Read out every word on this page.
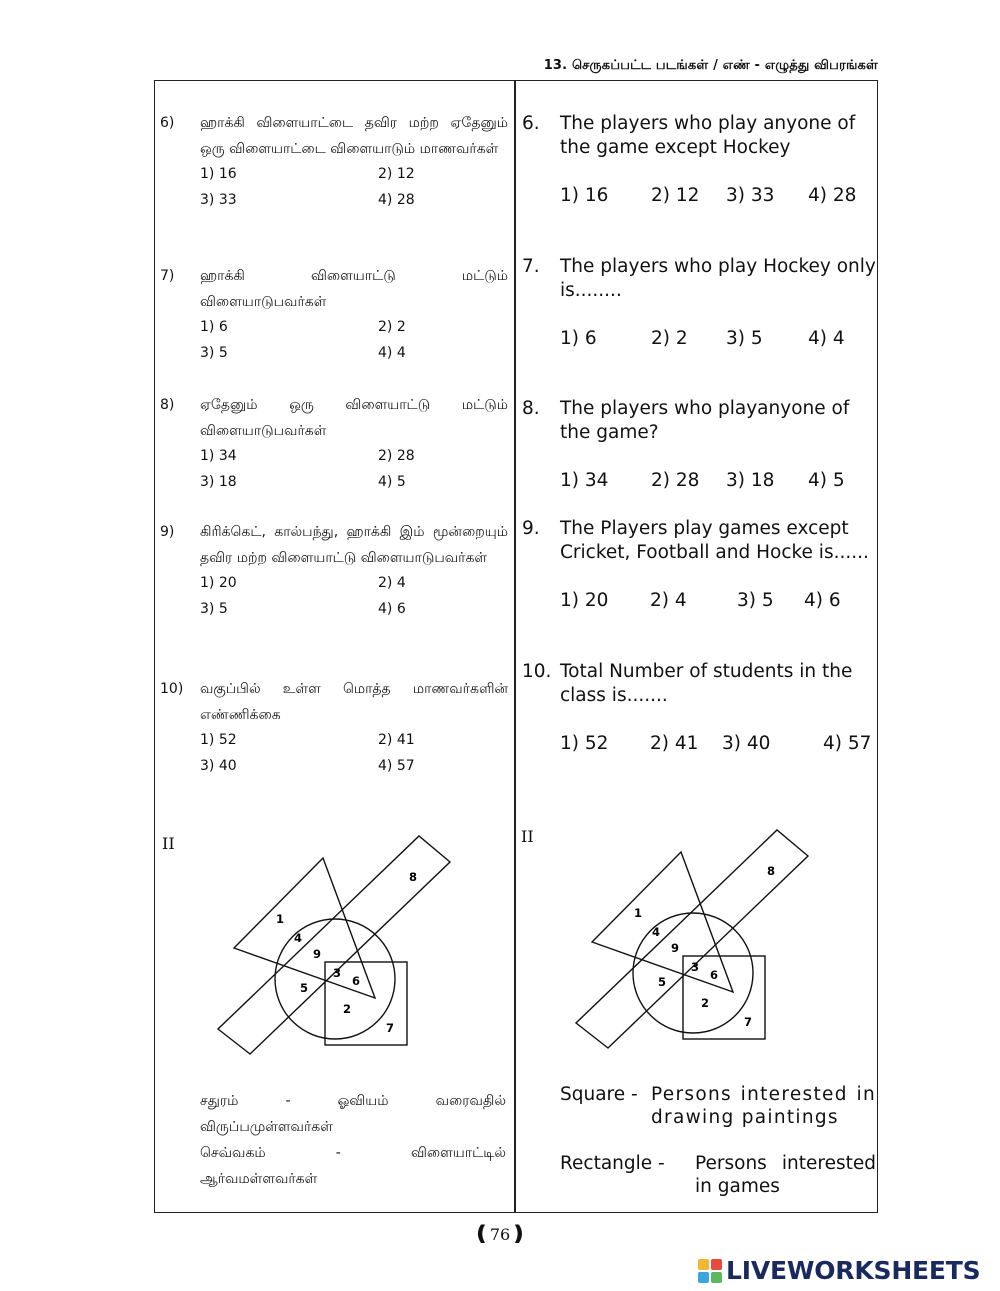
13. செருகப்பட்ட படங்கள் / எண் - எழுத்து விபரங்கள்
6) ஹாக்கி விளையாட்டை தவிர மற்ற ஏதேனும் ஒரு விளையாட்டை விளையாடும் மாணவர்கள்
1) 16	2) 12
3) 33	4) 28
7) ஹாக்கி விளையாட்டு மட்டும் விளையாடுபவர்கள்
1) 6	2) 2
3) 5	4) 4
8) ஏதேனும் ஒரு விளையாட்டு மட்டும் விளையாடுபவர்கள்
1) 34	2) 28
3) 18	4) 5
9) கிரிக்கெட், கால்பந்து, ஹாக்கி இம் மூன்றையும் தவிர மற்ற விளையாட்டு விளையாடுபவர்கள்
1) 20	2) 4
3) 5	4) 6
10) வகுப்பில் உள்ள மொத்த மாணவர்களின் எண்ணிக்கை
1) 52	2) 41
3) 40	4) 57
6. The players who play anyone of the game except Hockey
1) 16 2) 12 3) 33 4) 28
7. The players who play Hockey only is........
1) 6	2) 2 3) 5 4) 4
8. The players who playanyone of the game?
1) 34 2) 28 3) 18 4) 5
9. The Players play games except Cricket, Football and Hocke is......
1) 20 2) 4	3) 5 4) 6
10. Total Number of students in the class is.......
1) 52 2) 41 3) 40	4) 57
II	II
1
4
9
3
6
5
2
7
8
1
4
9
3
6
5
2
7
8
சதுரம்	-	ஓவியம்	வரைவதில்
விருப்பமுள்ளவர்கள்
செவ்வகம்	-	விளையாட்டில்
ஆர்வமள்ளவர்கள்
Square - Persons interested in drawing paintings
Rectangle -	Persons interested in games
❪76❫
LIVEWORKSHEETS
